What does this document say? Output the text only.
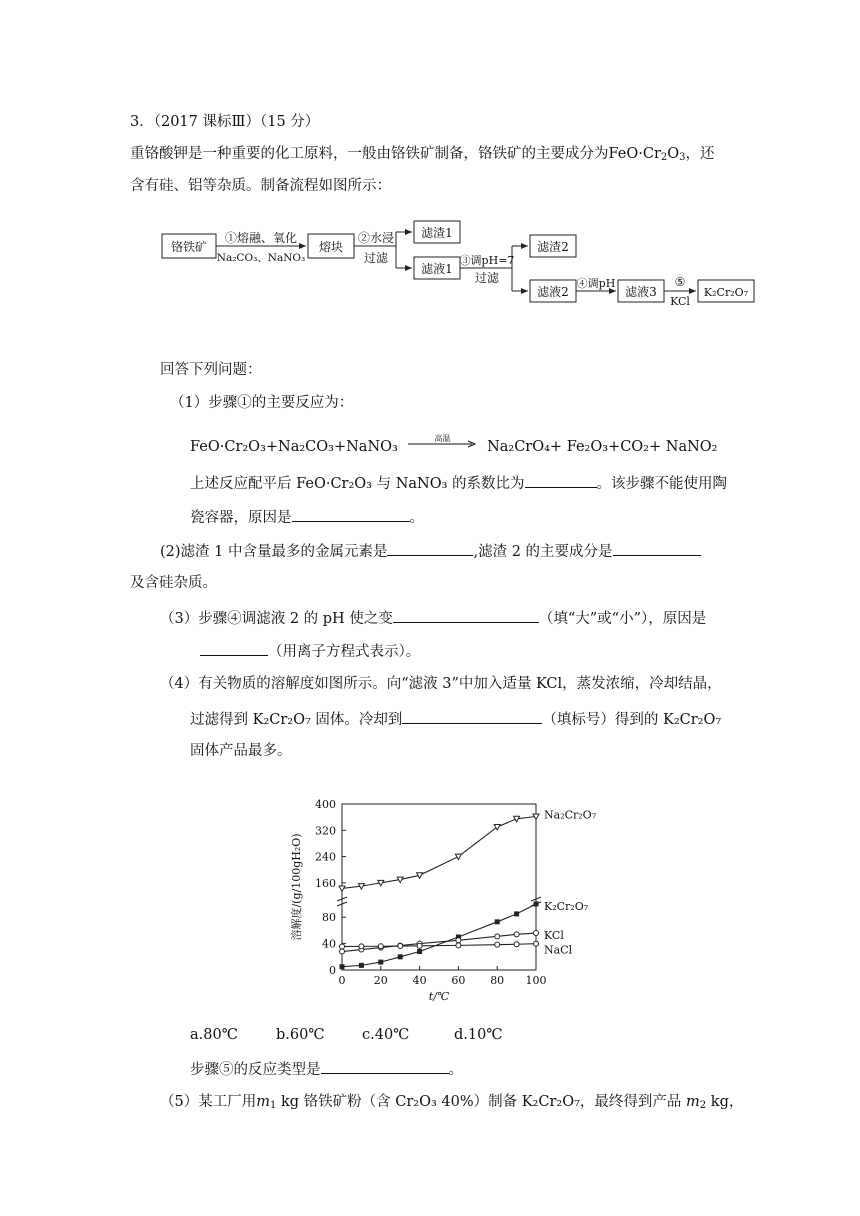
3．（2017 课标Ⅲ）（15 分）
重铬酸钾是一种重要的化工原料，一般由铬铁矿制备，铬铁矿的主要成分为$FeO\cdot Cr_2O_3$，还
含有硅、铝等杂质。制备流程如图所示：
铬铁矿
①熔融、氧化
Na₂CO₃、NaNO₃
熔块
②水浸
过滤
滤渣1
滤液1
③调pH=7
过滤
滤渣2
滤液2
④调pH
滤液3
⑤
KCl
K₂Cr₂O₇
回答下列问题：
（1）步骤①的主要反应为：
FeO·Cr₂O₃+Na₂CO₃+NaNO₃
高温
Na₂CrO₄+ Fe₂O₃+CO₂+ NaNO₂
上述反应配平后 FeO·Cr₂O₃ 与 NaNO₃ 的系数比为	。该步骤不能使用陶
瓷容器，原因是	。
(2)滤渣 1 中含量最多的金属元素是	,滤渣 2 的主要成分是
及含硅杂质。
（3）步骤④调滤液 2 的 pH 使之变	（填“大”或“小”），原因是
（用离子方程式表示）。
（4）有关物质的溶解度如图所示。向“滤液 3”中加入适量 KCl，蒸发浓缩，冷却结晶，
过滤得到 K₂Cr₂O₇ 固体。冷却到	（填标号）得到的 K₂Cr₂O₇
固体产品最多。
0
40
80
160
240
320
400
0	20 40 60 80 100
t/℃
溶解度/(g/100gH₂O)
Na₂Cr₂O₇
K₂Cr₂O₇
KCl
NaCl
a.80℃	b.60℃	c.40℃	d.10℃
步骤⑤的反应类型是	。
（5）某工厂用$m_1$ kg 铬铁矿粉（含 Cr₂O₃ 40%）制备 K₂Cr₂O₇，最终得到产品 $m_2$ kg，
